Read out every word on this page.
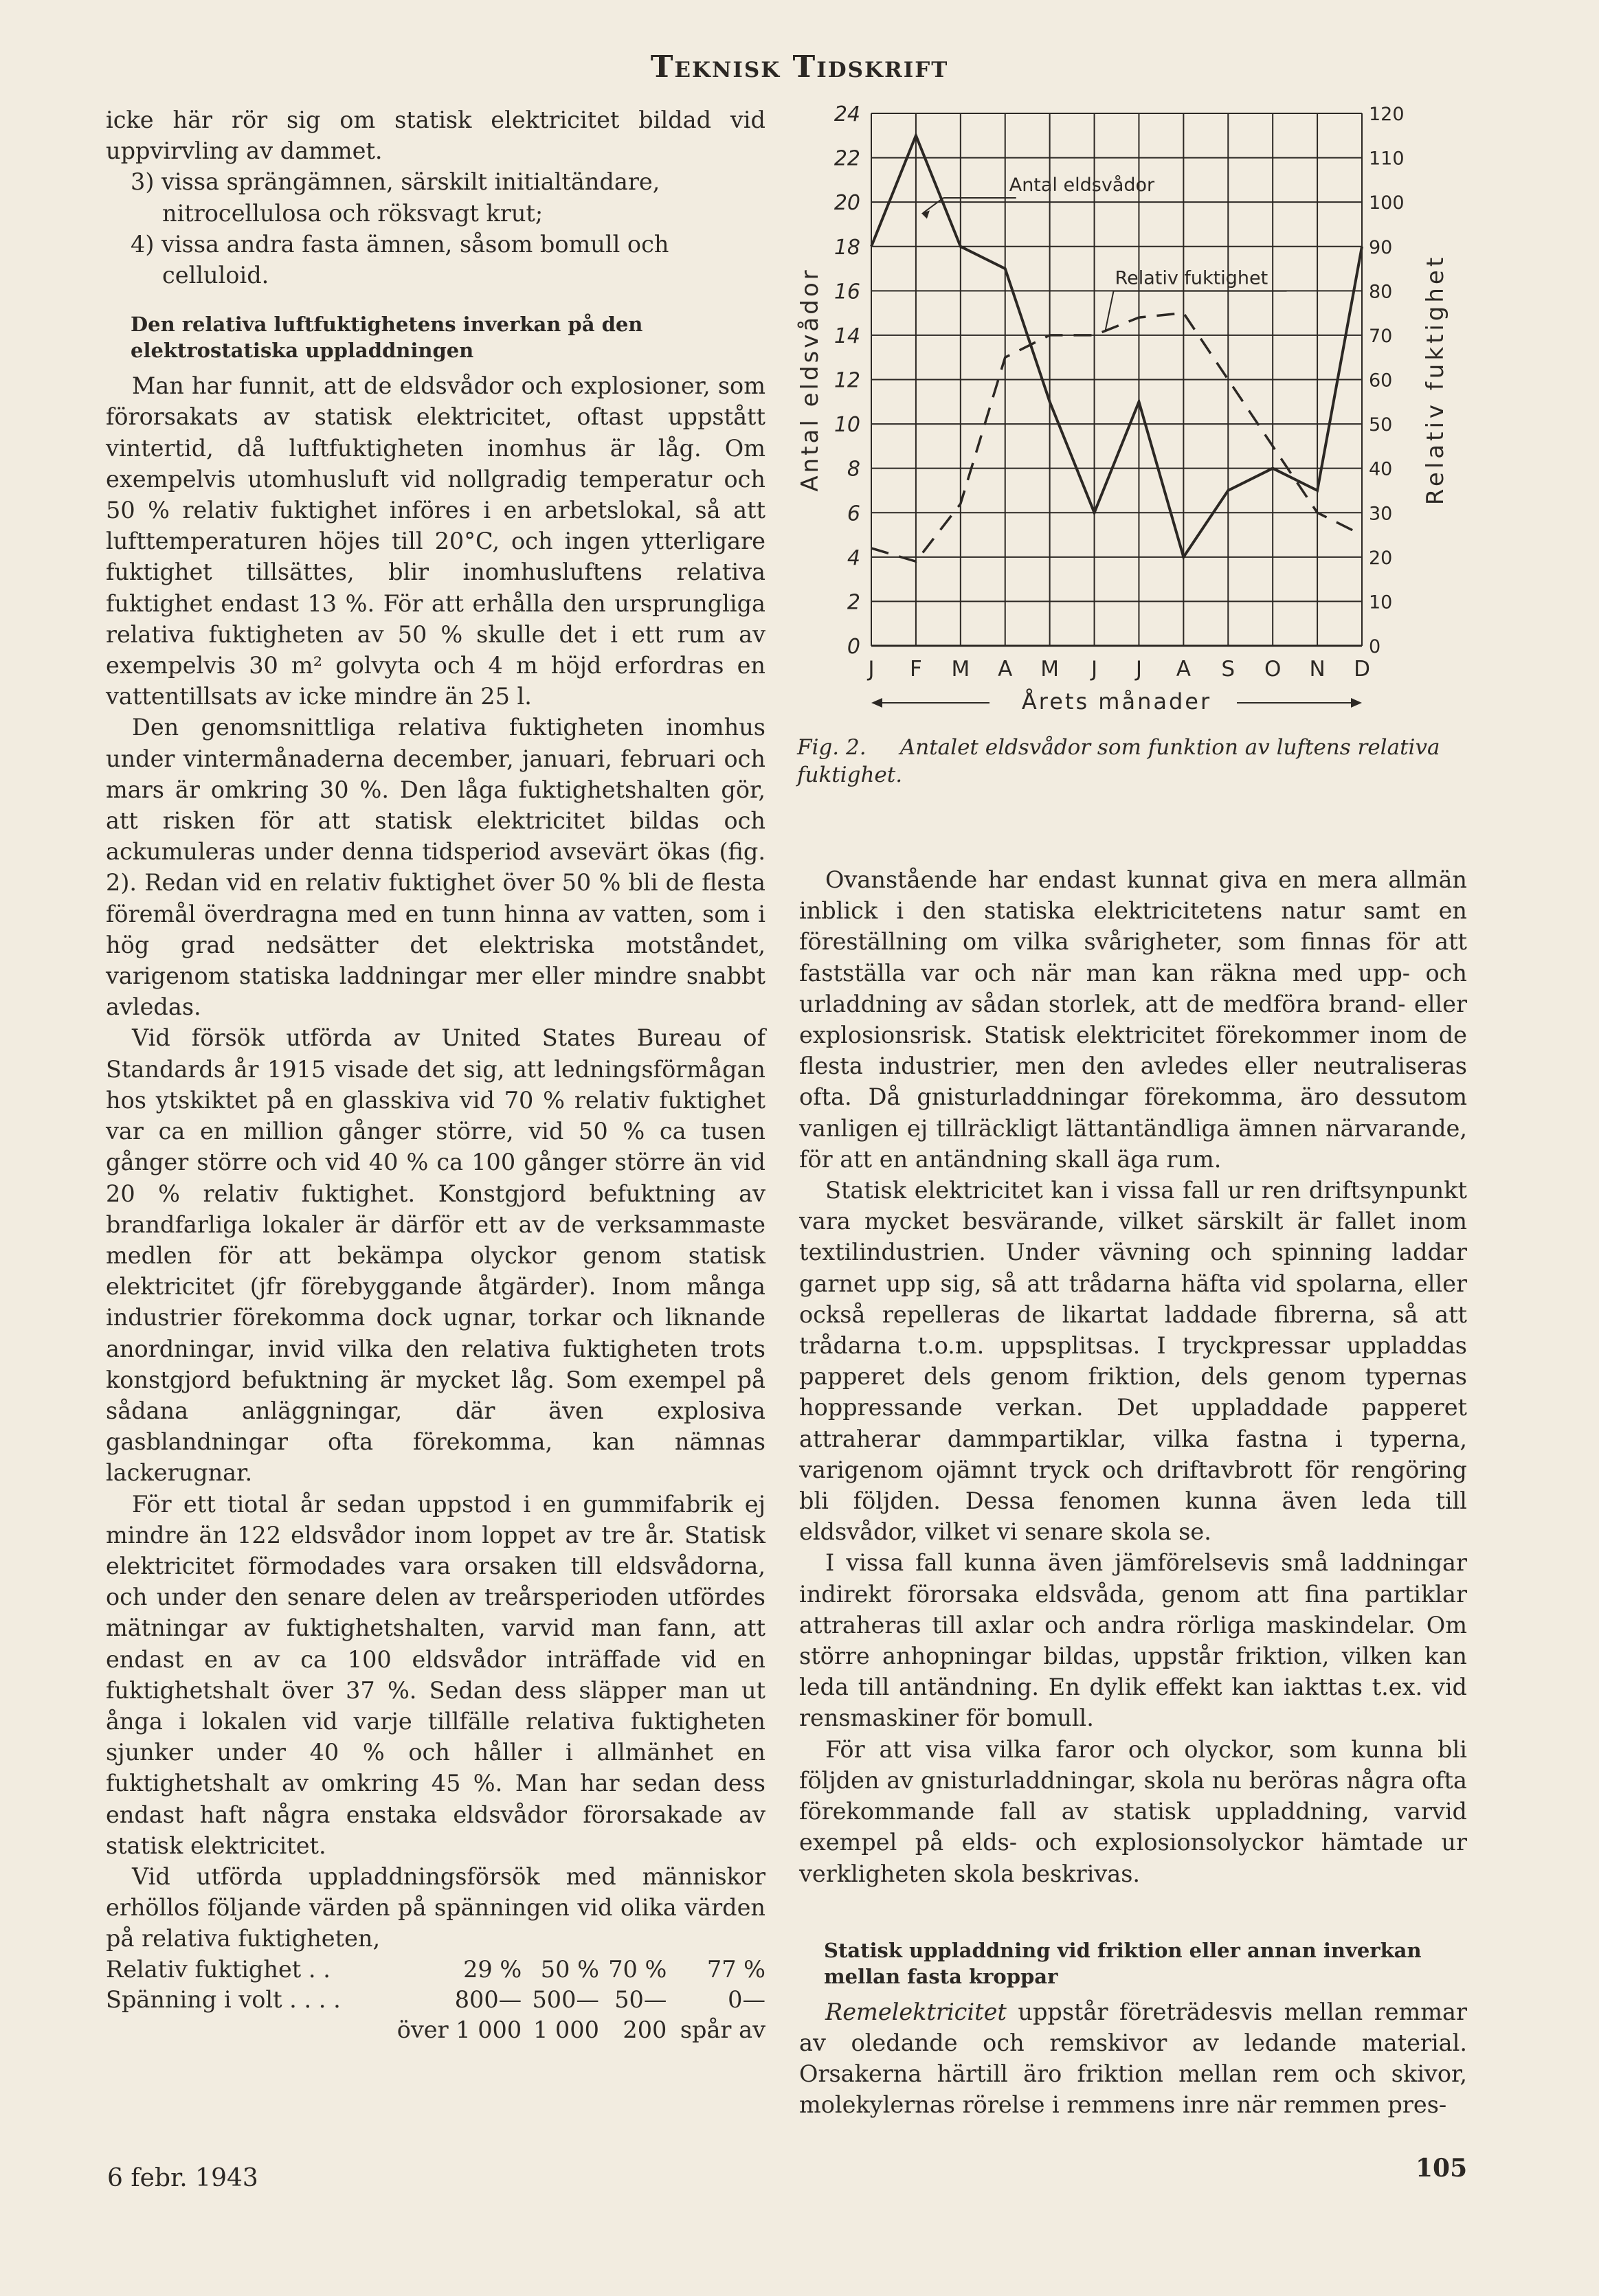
Teknisk Tidskrift

icke här rör sig om statisk elektricitet bildad vid uppvirvling av dammet.

3) vissa sprängämnen, särskilt initialtändare, nitrocellulosa och röksvagt krut;
4) vissa andra fasta ämnen, såsom bomull och celluloid.
Den relativa luftfuktighetens inverkan på den elektrostatiska uppladdningen

Man har funnit, att de eldsvådor och explosioner, som förorsakats av statisk elektricitet, oftast uppstått vintertid, då luftfuktigheten inomhus är låg. Om exempelvis utomhusluft vid nollgradig temperatur och 50 % relativ fuktighet införes i en arbetslokal, så att lufttemperaturen höjes till 20°C, och ingen ytterligare fuktighet tillsättes, blir inomhusluftens relativa fuktighet endast 13 %. För att erhålla den ursprungliga relativa fuktigheten av 50 % skulle det i ett rum av exempelvis 30 m² golvyta och 4 m höjd erfordras en vattentillsats av icke mindre än 25 l.

Den genomsnittliga relativa fuktigheten inomhus under vintermånaderna december, januari, februari och mars är omkring 30 %. Den låga fuktighetshalten gör, att risken för att statisk elektricitet bildas och ackumuleras under denna tidsperiod avsevärt ökas (fig. 2). Redan vid en relativ fuktighet över 50 % bli de flesta föremål överdragna med en tunn hinna av vatten, som i hög grad nedsätter det elektriska motståndet, varigenom statiska laddningar mer eller mindre snabbt avledas.

Vid försök utförda av United States Bureau of Standards år 1915 visade det sig, att ledningsförmågan hos ytskiktet på en glasskiva vid 70 % relativ fuktighet var ca en million gånger större, vid 50 % ca tusen gånger större och vid 40 % ca 100 gånger större än vid 20 % relativ fuktighet. Konstgjord befuktning av brandfarliga lokaler är därför ett av de verksammaste medlen för att bekämpa olyckor genom statisk elektricitet (jfr förebyggande åtgärder). Inom många industrier förekomma dock ugnar, torkar och liknande anordningar, invid vilka den relativa fuktigheten trots konstgjord befuktning är mycket låg. Som exempel på sådana anläggningar, där även explosiva gasblandningar ofta förekomma, kan nämnas lackerugnar.

För ett tiotal år sedan uppstod i en gummifabrik ej mindre än 122 eldsvådor inom loppet av tre år. Statisk elektricitet förmodades vara orsaken till eldsvådorna, och under den senare delen av treårsperioden utfördes mätningar av fuktighetshalten, varvid man fann, att endast en av ca 100 eldsvådor inträffade vid en fuktighetshalt över 37 %. Sedan dess släpper man ut ånga i lokalen vid varje tillfälle relativa fuktigheten sjunker under 40 % och håller i allmänhet en fuktighetshalt av omkring 45 %. Man har sedan dess endast haft några enstaka eldsvådor förorsakade av statisk elektricitet.

Vid utförda uppladdningsförsök med människor erhöllos följande värden på spänningen vid olika värden på relativa fuktigheten,

Relativ fuktighet . .	29 %	50 %	70 %	77 %
Spänning i volt . . . .	800—	500—	50—	0—
	över 1 000	1 000	200	spår av
0
2
4
6
8
10
12
14
16
18
20
22
24
0
10
20
30
40
50
60
70
80
90
100
110
120
J F M A M J J A S O N D
Antal eldsvådor	Relativ fuktighet
Årets månader
Antal eldsvådor
Relativ fuktighet
Fig. 2. Antalet eldsvådor som funktion av luftens relativa fuktighet.

Ovanstående har endast kunnat giva en mera allmän inblick i den statiska elektricitetens natur samt en föreställning om vilka svårigheter, som finnas för att fastställa var och när man kan räkna med upp- och urladdning av sådan storlek, att de medföra brand- eller explosionsrisk. Statisk elektricitet förekommer inom de flesta industrier, men den avledes eller neutraliseras ofta. Då gnisturladdningar förekomma, äro dessutom vanligen ej tillräckligt lättantändliga ämnen närvarande, för att en antändning skall äga rum.

Statisk elektricitet kan i vissa fall ur ren driftsynpunkt vara mycket besvärande, vilket särskilt är fallet inom textilindustrien. Under vävning och spinning laddar garnet upp sig, så att trådarna häfta vid spolarna, eller också repelleras de likartat laddade fibrerna, så att trådarna t.o.m. uppsplitsas. I tryckpressar uppladdas papperet dels genom friktion, dels genom typernas hoppressande verkan. Det uppladdade papperet attraherar dammpartiklar, vilka fastna i typerna, varigenom ojämnt tryck och driftavbrott för rengöring bli följden. Dessa fenomen kunna även leda till eldsvådor, vilket vi senare skola se.

I vissa fall kunna även jämförelsevis små laddningar indirekt förorsaka eldsvåda, genom att fina partiklar attraheras till axlar och andra rörliga maskindelar. Om större anhopningar bildas, uppstår friktion, vilken kan leda till antändning. En dylik effekt kan iakttas t.ex. vid rensmaskiner för bomull.

För att visa vilka faror och olyckor, som kunna bli följden av gnisturladdningar, skola nu beröras några ofta förekommande fall av statisk uppladdning, varvid exempel på elds- och explosionsolyckor hämtade ur verkligheten skola beskrivas.

Statisk uppladdning vid friktion eller annan inverkan mellan fasta kroppar

Remelektricitet uppstår företrädesvis mellan remmar av oledande och remskivor av ledande material. Orsakerna härtill äro friktion mellan rem och skivor, molekylernas rörelse i remmens inre när remmen pres-

6 febr. 1943	105
